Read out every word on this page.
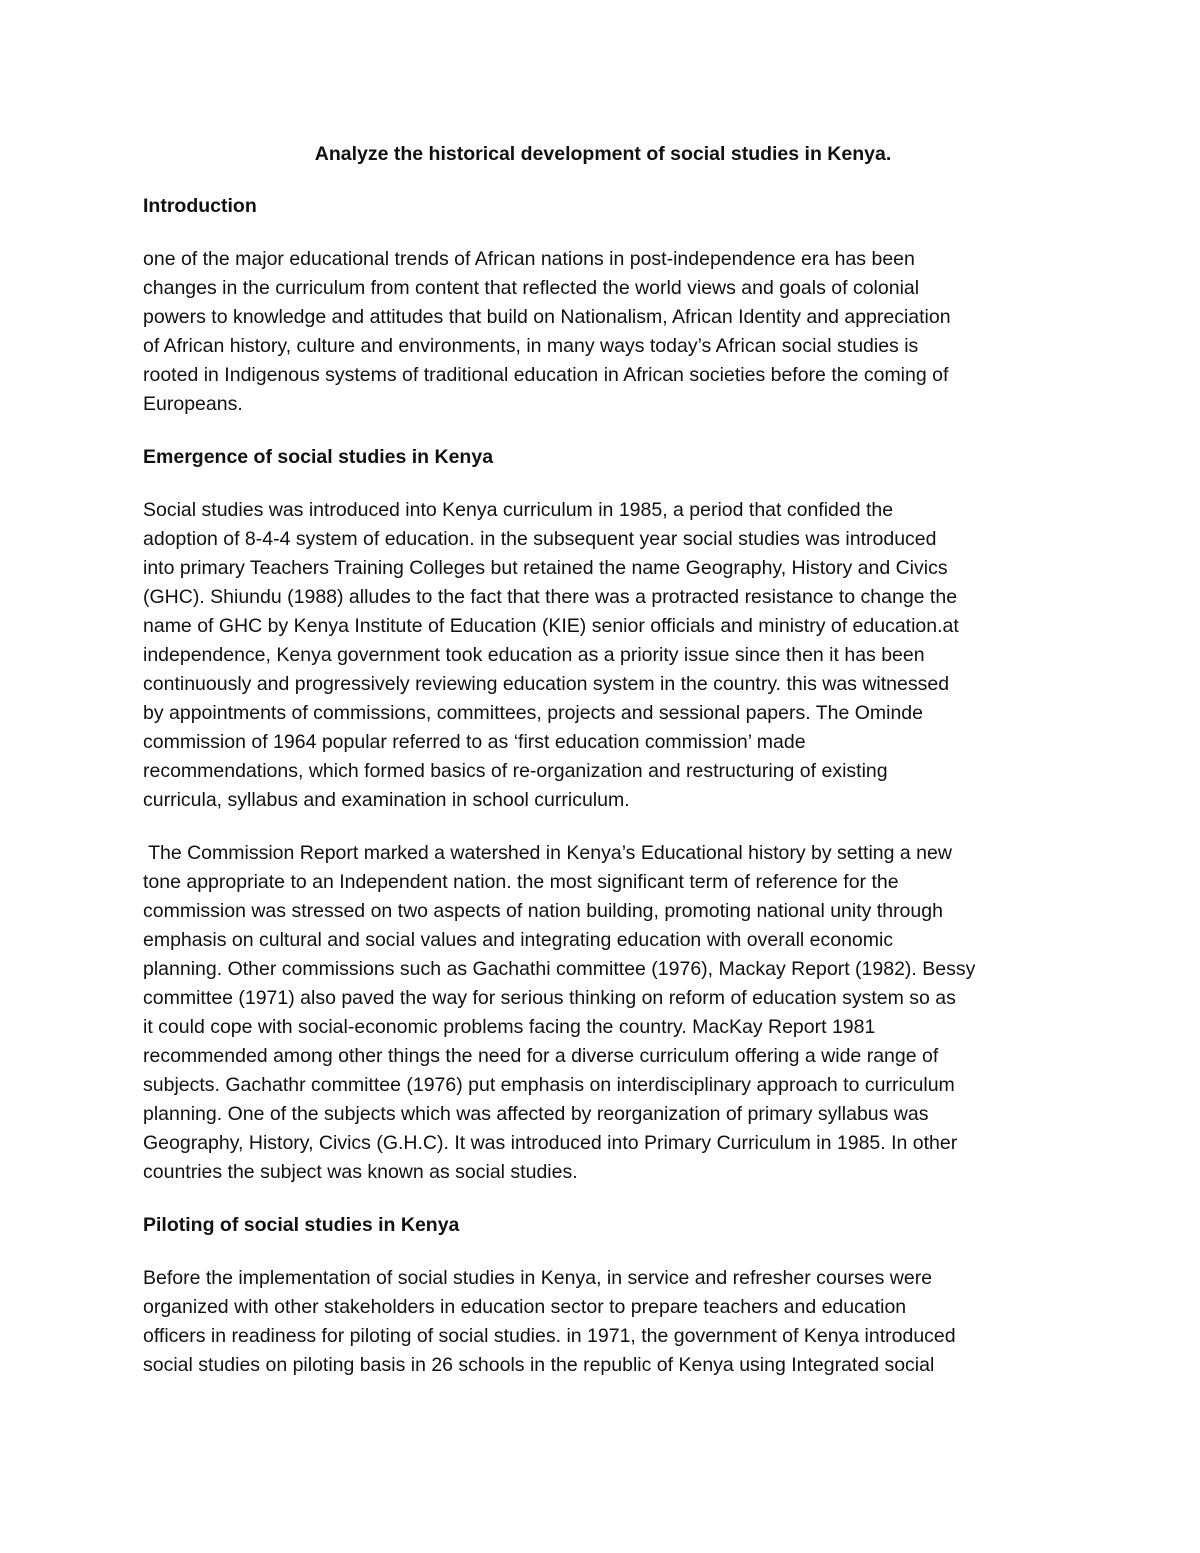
Analyze the historical development of social studies in Kenya.
Introduction
one of the major educational trends of African nations in post-independence era has been
changes in the curriculum from content that reflected the world views and goals of colonial
powers to knowledge and attitudes that build on Nationalism, African Identity and appreciation
of African history, culture and environments, in many ways today’s African social studies is
rooted in Indigenous systems of traditional education in African societies before the coming of
Europeans.
Emergence of social studies in Kenya
Social studies was introduced into Kenya curriculum in 1985, a period that confided the
adoption of 8-4-4 system of education. in the subsequent year social studies was introduced
into primary Teachers Training Colleges but retained the name Geography, History and Civics
(GHC). Shiundu (1988) alludes to the fact that there was a protracted resistance to change the
name of GHC by Kenya Institute of Education (KIE) senior officials and ministry of education.at
independence, Kenya government took education as a priority issue since then it has been
continuously and progressively reviewing education system in the country. this was witnessed
by appointments of commissions, committees, projects and sessional papers. The Ominde
commission of 1964 popular referred to as ‘first education commission’ made
recommendations, which formed basics of re-organization and restructuring of existing
curricula, syllabus and examination in school curriculum.
The Commission Report marked a watershed in Kenya’s Educational history by setting a new
tone appropriate to an Independent nation. the most significant term of reference for the
commission was stressed on two aspects of nation building, promoting national unity through
emphasis on cultural and social values and integrating education with overall economic
planning. Other commissions such as Gachathi committee (1976), Mackay Report (1982). Bessy
committee (1971) also paved the way for serious thinking on reform of education system so as
it could cope with social-economic problems facing the country. MacKay Report 1981
recommended among other things the need for a diverse curriculum offering a wide range of
subjects. Gachathr committee (1976) put emphasis on interdisciplinary approach to curriculum
planning. One of the subjects which was affected by reorganization of primary syllabus was
Geography, History, Civics (G.H.C). It was introduced into Primary Curriculum in 1985. In other
countries the subject was known as social studies.
Piloting of social studies in Kenya
Before the implementation of social studies in Kenya, in service and refresher courses were
organized with other stakeholders in education sector to prepare teachers and education
officers in readiness for piloting of social studies. in 1971, the government of Kenya introduced
social studies on piloting basis in 26 schools in the republic of Kenya using Integrated social
